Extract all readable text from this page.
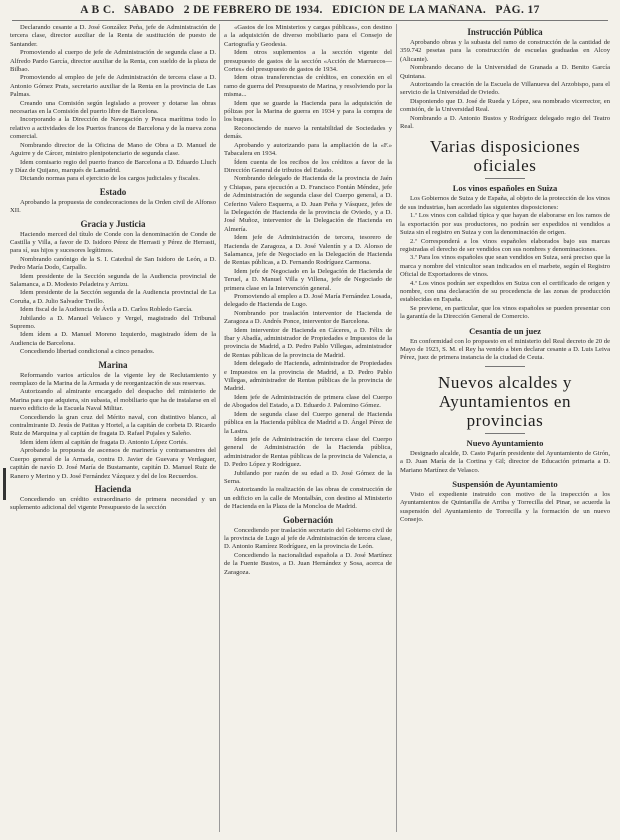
A B C. SÁBADO 2 DE FEBRERO DE 1934. EDICIÓN DE LA MAÑANA. PÁG. 17

Declarando cesante a D. José González Peña, jefe de Administración de tercera clase, director auxiliar de la Renta de sustitución de puesto de Santander.

Promoviendo al cuerpo de jefe de Administración de segunda clase a D. Alfredo Pardo García, director auxiliar de la Renta, con sueldo de la plaza de Bilbao.

Promoviendo al empleo de jefe de Administración de tercera clase a D. Antonio Gómez Prats, secretario auxiliar de la Renta en la provincia de Las Palmas.

Creando una Comisión según legislado a proveer y dotarse las obras necesarias en la Comisión del puerto libre de Barcelona.

Incorporando a la Dirección de Navegación y Pesca marítima todo lo relativo a actividades de los Puertos francos de Barcelona y de la nueva zona comercial.

Nombrando director de la Oficina de Mano de Obra a D. Manuel de Aguirre y de Cárcer, ministro plenipotenciario de segunda clase.

Idem comisario regio del puerto franco de Barcelona a D. Eduardo Lluch y Díaz de Quijano, marqués de Lamadrid.

Dictando normas para el ejercicio de los cargos judiciales y fiscales.

Estado

Aprobando la propuesta de condecoraciones de la Orden civil de Alfonso XII.

Gracia y Justicia

Haciendo merced del título de Conde con la denominación de Conde de Castilla y Villa, a favor de D. Isidoro Pérez de Herrasti y Pérez de Herrasti, para sí, sus hijos y sucesores legítimos.

Nombrando canónigo de la S. I. Catedral de San Isidoro de León, a D. Pedro María Dodo, Carpallo.

Idem presidente de la Sección segunda de la Audiencia provincial de Salamanca, a D. Modesto Peladeira y Arrizu.

Idem presidente de la Sección segunda de la Audiencia provincial de La Coruña, a D. Julio Salvador Treillo.

Idem fiscal de la Audiencia de Ávila a D. Carlos Robledo García.

Jubilando a D. Manuel Velasco y Vergel, magistrado del Tribunal Supremo.

Idem ídem a D. Manuel Moreno Izquierdo, magistrado ídem de la Audiencia de Barcelona.

Concediendo libertad condicional a cinco penados.

Marina

Reformando varios artículos de la vigente ley de Reclutamiento y reemplazo de la Marina de la Armada y de reorganización de sus reservas.

Autorizando al almirante encargado del despacho del ministerio de Marina para que adquiera, sin subasta, el mobiliario que ha de instalarse en el nuevo edificio de la Escuela Naval Militar.

Concediendo la gran cruz del Mérito naval, con distintivo blanco, al contralmirante D. Jesús de Patitas y Hortel, a la capitán de corbeta D. Ricardo Ruiz de Marquina y al capitán de fragata D. Rafael Pujales y Saleño.

Idem ídem ídem al capitán de fragata D. Antonio López Cortés.

Aprobando la propuesta de ascensos de marinería y contramaestres del Cuerpo general de la Armada, contra D. Javier de Guevara y Verdaguer, capitán de navío D. José María de Bustamante, capitán D. Manuel Ruiz de Ranero y Merino y D. José Fernández Vázquez y del de los Recuerdos.

Hacienda

Concediendo un crédito extraordinario de primera necesidad y un suplemento adicional del vigente Presupuesto de la sección

«Gastos de los Ministerios y cargas públicas», con destino a la adquisición de diverso mobiliario para el Consejo de Cartografía y Geodesia.

Idem otros suplementos a la sección vigente del presupuesto de gastos de la sección «Acción de Marruecos—Cortes» del presupuesto de gastos de 1934.

Idem otras transferencias de créditos, en conexión en el ramo de guerra del Presupuesto de Marina, y resolviendo por la misma...

Idem que se guarde la Hacienda para la adquisición de pólizas por la Marina de guerra en 1934 y para la compra de los buques.

Reconociendo de nuevo la rentabilidad de Sociedades y demás.

Aprobando y autorizando para la ampliación de la «F.» Tabacalera en 1934.

Ídem cuenta de los recibos de los créditos a favor de la Dirección General de tributos del Estado.

Nombrando delegado de Hacienda de la provincia de Jaén y Chiapas, para ejecución a D. Francisco Fontán Méndez, jefe de Administración de segunda clase del Cuerpo general, a D. Ceferino Valero Esquerra, a D. Juan Peña y Vásquez, jefes de la Delegación de Hacienda de la provincia de Oviedo, y a D. José Muñoz, interventor de la Delegación de Hacienda en Almería.

Idem jefe de Administración de tercera, tesorero de Hacienda de Zaragoza, a D. José Valentín y a D. Alonso de Salamanca, jefe de Negociado en la Delegación de Hacienda de Rentas públicas, a D. Fernando Rodríguez Carmona.

Idem jefe de Negociado en la Delegación de Hacienda de Teruel, a D. Manuel Villa y Villena, jefe de Negociado de primera clase en la Intervención general.

Promoviendo al empleo a D. José María Fernández Losada, delegado de Hacienda de Lugo.

Nombrando por traslación interventor de Hacienda de Zaragoza a D. Andrés Ponce, interventor de Barcelona.

Idem interventor de Hacienda en Cáceres, a D. Félix de Ibar y Abadía, administrador de Propiedades e Impuestos de la provincia de Madrid, a D. Pedro Pablo Villegas, administrador de Rentas públicas de la provincia de Madrid.

Idem delegado de Hacienda, administrador de Propiedades e Impuestos en la provincia de Madrid, a D. Pedro Pablo Villegas, administrador de Rentas públicas de la provincia de Madrid.

Idem jefe de Administración de primera clase del Cuerpo de Abogados del Estado, a D. Eduardo J. Palomino Gómez.

Idem de segunda clase del Cuerpo general de Hacienda pública en la Hacienda pública de Madrid a D. Ángel Pérez de la Lastra.

Idem jefe de Administración de tercera clase del Cuerpo general de Administración de la Hacienda pública, administrador de Rentas públicas de la provincia de Valencia, a D. Pedro López y Rodríguez.

Jubilando por razón de su edad a D. José Gómez de la Serna.

Autorizando la realización de las obras de construcción de un edificio en la calle de Montalbán, con destino al Ministerio de Hacienda en la Plaza de la Moncloa de Madrid.

Gobernación

Concediendo por traslación secretario del Gobierno civil de la provincia de Lugo al jefe de Administración de tercera clase, D. Antonio Ramírez Rodríguez, en la provincia de León.

Concediendo la nacionalidad española a D. José Martínez de la Fuente Bustos, a D. Juan Hernández y Sosa, acerca de Zaragoza.

Instrucción Pública

Aprobando obras y la subasta del ramo de construcción de la cantidad de 359.742 pesetas para la construcción de escuelas graduadas en Alcoy (Alicante).

Nombrando decano de la Universidad de Granada a D. Benito García Quintana.

Autorizando la creación de la Escuela de Villanueva del Arzobispo, para el servicio de la Universidad de Oviedo.

Disponiendo que D. José de Rueda y López, sea nombrado vicerrector, en comisión, de la Universidad Real.

Nombrando a D. Antonio Bustos y Rodríguez delegado regio del Teatro Real.

Varias disposiciones oficiales
Los vinos españoles en Suiza

Los Gobiernos de Suiza y de España, al objeto de la protección de los vinos de sus industrias, han acordado las siguientes disposiciones:

1.ª Los vinos con calidad típica y que hayan de elaborarse en los ramos de la exportación por sus productores, no podrán ser expedidos ni vendidos a Suiza sin el registro en Suiza y con la denominación de origen.

2.ª Corresponderá a los vinos españoles elaborados bajo sus marcas registradas el derecho de ser vendidos con sus nombres y denominaciones.

3.ª Para los vinos españoles que sean vendidos en Suiza, será preciso que la marca y nombre del vinicultor sean indicados en el marbete, según el Registro Oficial de Exportadores de vinos.

4.ª Los vinos podrán ser expedidos en Suiza con el certificado de origen y nombre, con una declaración de su procedencia de las zonas de producción establecidas en España.

Se previene, en particular, que los vinos españoles se pueden presentar con la garantía de la Dirección General de Comercio.

Cesantía de un juez

En conformidad con lo propuesto en el ministerio del Real decreto de 20 de Mayo de 1923, S. M. el Rey ha venido a bien declarar cesante a D. Luis Leiva Pérez, juez de primera instancia de la ciudad de Ceuta.

Nuevos alcaldes y Ayuntamientos en provincias
Nuevo Ayuntamiento

Designado alcalde, D. Casto Pajarín presidente del Ayuntamiento de Girón, a D. Juan María de la Cortina y Gil; director de Educación primaria a D. Mariano Martínez de Velasco.

Suspensión de Ayuntamiento

Visto el expediente instruido con motivo de la inspección a los Ayuntamientos de Quintanilla de Arriba y Torrecilla del Pinar, se acuerda la suspensión del Ayuntamiento de Torrecilla y la formación de un nuevo Consejo.
